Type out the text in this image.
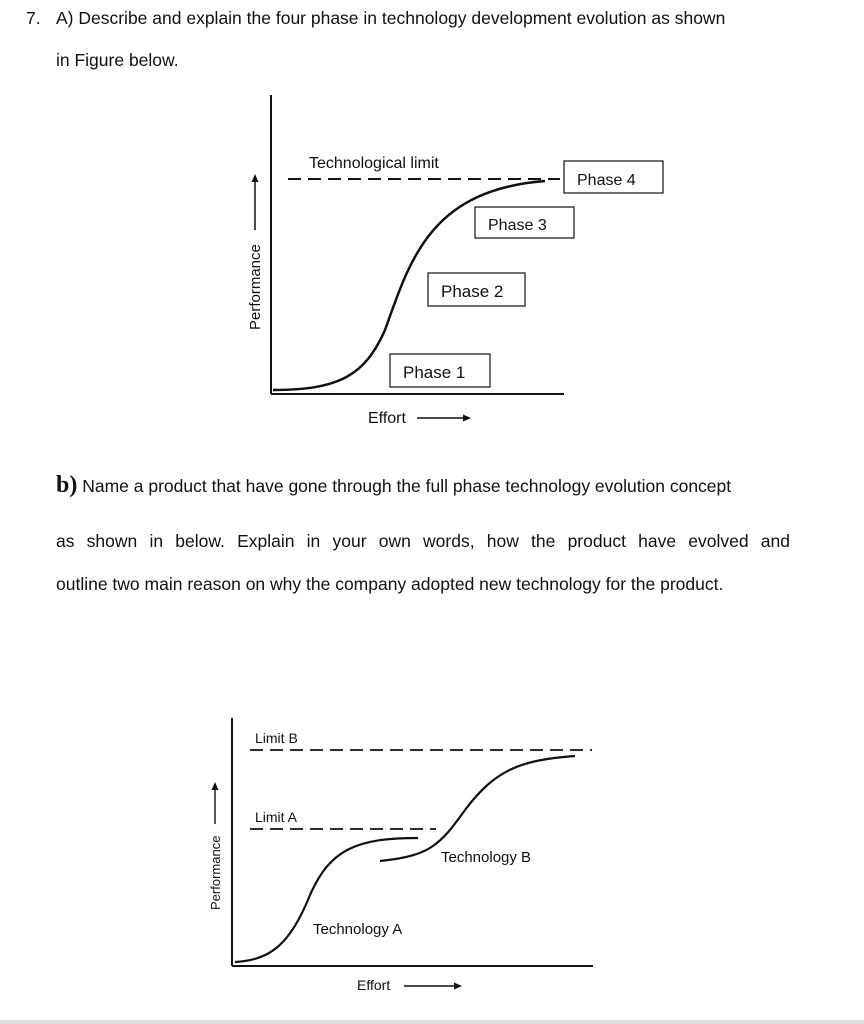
7. A) Describe and explain the four phase in technology development evolution as shown
in Figure below.
Technological limit
Performance
Effort
Phase 1
Phase 2
Phase 3
Phase 4
b) Name a product that have gone through the full phase technology evolution concept
as shown in below. Explain in your own words, how the product have evolved and
outline two main reason on why the company adopted new technology for the product.
Limit B
Limit A
Technology A
Technology B
Performance
Effort
